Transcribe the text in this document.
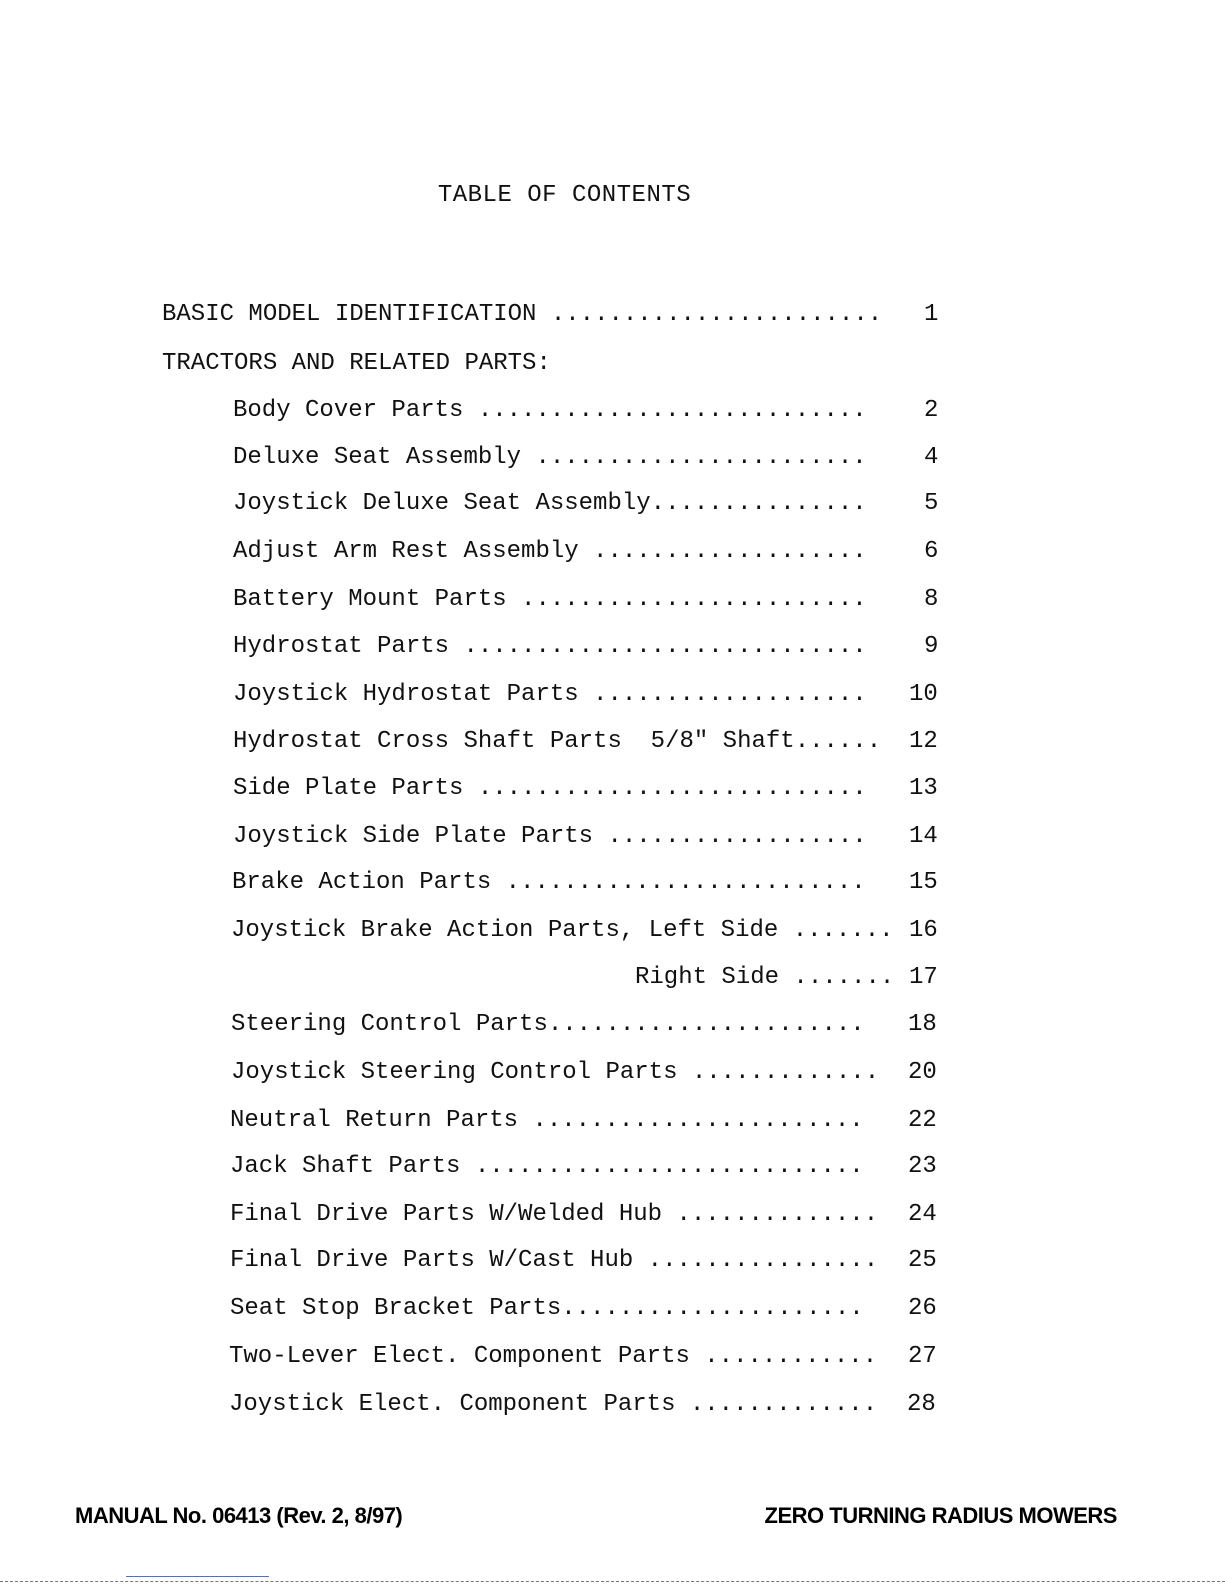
TABLE OF CONTENTS
BASIC MODEL IDENTIFICATION ....................... 1
TRACTORS AND RELATED PARTS:
Body Cover Parts ........................... 2
Deluxe Seat Assembly ....................... 4
Joystick Deluxe Seat Assembly............... 5
Adjust Arm Rest Assembly ................... 6
Battery Mount Parts ........................ 8
Hydrostat Parts ............................ 9
Joystick Hydrostat Parts ................... 10
Hydrostat Cross Shaft Parts  5/8" Shaft...... 12
Side Plate Parts ........................... 13
Joystick Side Plate Parts .................. 14
Brake Action Parts ......................... 15
Joystick Brake Action Parts, Left Side ....... 16
Right Side ....... 17
Steering Control Parts...................... 18
Joystick Steering Control Parts ............. 20
Neutral Return Parts ....................... 22
Jack Shaft Parts ........................... 23
Final Drive Parts W/Welded Hub .............. 24
Final Drive Parts W/Cast Hub ................ 25
Seat Stop Bracket Parts..................... 26
Two-Lever Elect. Component Parts ............ 27
Joystick Elect. Component Parts ............. 28
MANUAL No. 06413 (Rev. 2, 8/97)	ZERO TURNING RADIUS MOWERS
